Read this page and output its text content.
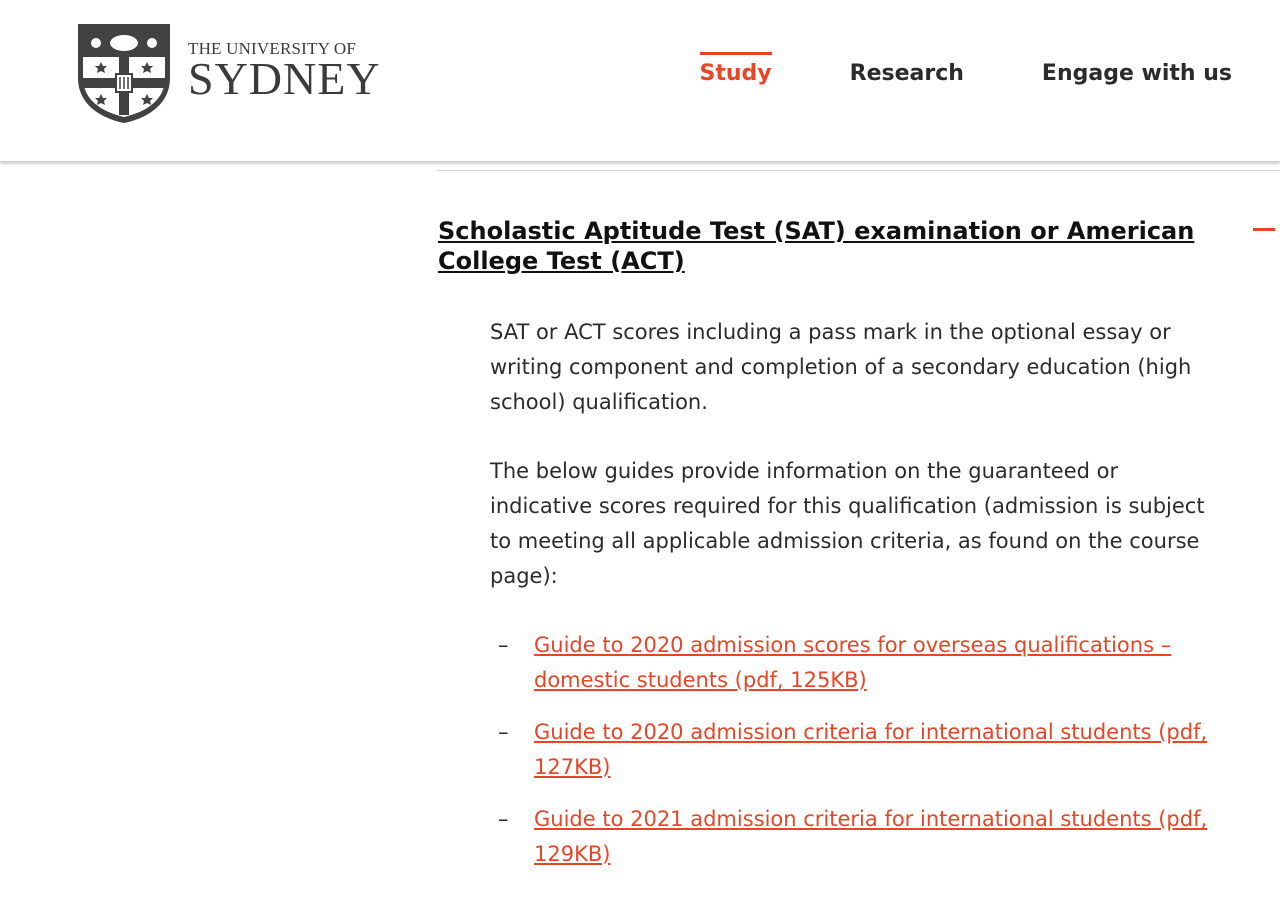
THE UNIVERSITY OF
SYDNEY	Study	Research	Engage with us
Scholastic Aptitude Test (SAT) examination or American College Test (ACT)

SAT or ACT scores including a pass mark in the optional essay or writing component and completion of a secondary education (high school) qualification.

The below guides provide information on the guaranteed or indicative scores required for this qualification (admission is subject to meeting all applicable admission criteria, as found on the course page):

–	Guide to 2020 admission scores for overseas qualifications – domestic students (pdf, 125KB)
–	Guide to 2020 admission criteria for international students (pdf, 127KB)
–	Guide to 2021 admission criteria for international students (pdf, 129KB)
